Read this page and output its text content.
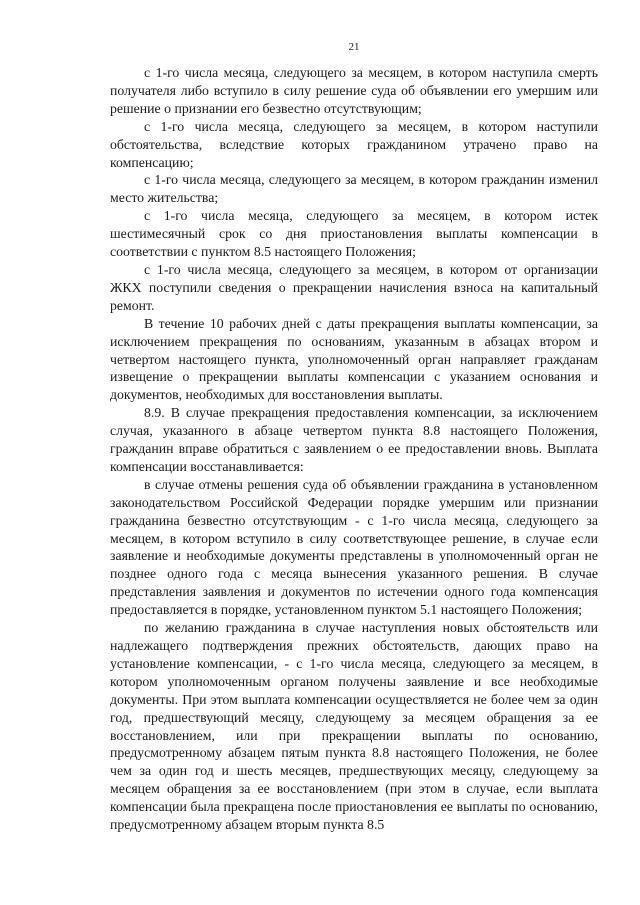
21

с 1-го числа месяца, следующего за месяцем, в котором наступила смерть получателя либо вступило в силу решение суда об объявлении его умершим или решение о признании его безвестно отсутствующим;

с 1-го числа месяца, следующего за месяцем, в котором наступили обстоятельства, вследствие которых гражданином утрачено право на компенсацию;

с 1-го числа месяца, следующего за месяцем, в котором гражданин изменил место жительства;

с 1-го числа месяца, следующего за месяцем, в котором истек шестимесячный срок со дня приостановления выплаты компенсации в соответствии с пунктом 8.5 настоящего Положения;

с 1-го числа месяца, следующего за месяцем, в котором от организации ЖКХ поступили сведения о прекращении начисления взноса на капитальный ремонт.

В течение 10 рабочих дней с даты прекращения выплаты компенсации, за исключением прекращения по основаниям, указанным в абзацах втором и четвертом настоящего пункта, уполномоченный орган направляет гражданам извещение о прекращении выплаты компенсации с указанием основания и документов, необходимых для восстановления выплаты.

8.9. В случае прекращения предоставления компенсации, за исключением случая, указанного в абзаце четвертом пункта 8.8 настоящего Положения, гражданин вправе обратиться с заявлением о ее предоставлении вновь. Выплата компенсации восстанавливается:

в случае отмены решения суда об объявлении гражданина в установленном законодательством Российской Федерации порядке умершим или признании гражданина безвестно отсутствующим - с 1-го числа месяца, следующего за месяцем, в котором вступило в силу соответствующее решение, в случае если заявление и необходимые документы представлены в уполномоченный орган не позднее одного года с месяца вынесения указанного решения. В случае представления заявления и документов по истечении одного года компенсация предоставляется в порядке, установленном пунктом 5.1 настоящего Положения;

по желанию гражданина в случае наступления новых обстоятельств или надлежащего подтверждения прежних обстоятельств, дающих право на установление компенсации, - с 1-го числа месяца, следующего за месяцем, в котором уполномоченным органом получены заявление и все необходимые документы. При этом выплата компенсации осуществляется не более чем за один год, предшествующий месяцу, следующему за месяцем обращения за ее восстановлением, или при прекращении выплаты по основанию, предусмотренному абзацем пятым пункта 8.8 настоящего Положения, не более чем за один год и шесть месяцев, предшествующих месяцу, следующему за месяцем обращения за ее восстановлением (при этом в случае, если выплата компенсации была прекращена после приостановления ее выплаты по основанию, предусмотренному абзацем вторым пункта 8.5
